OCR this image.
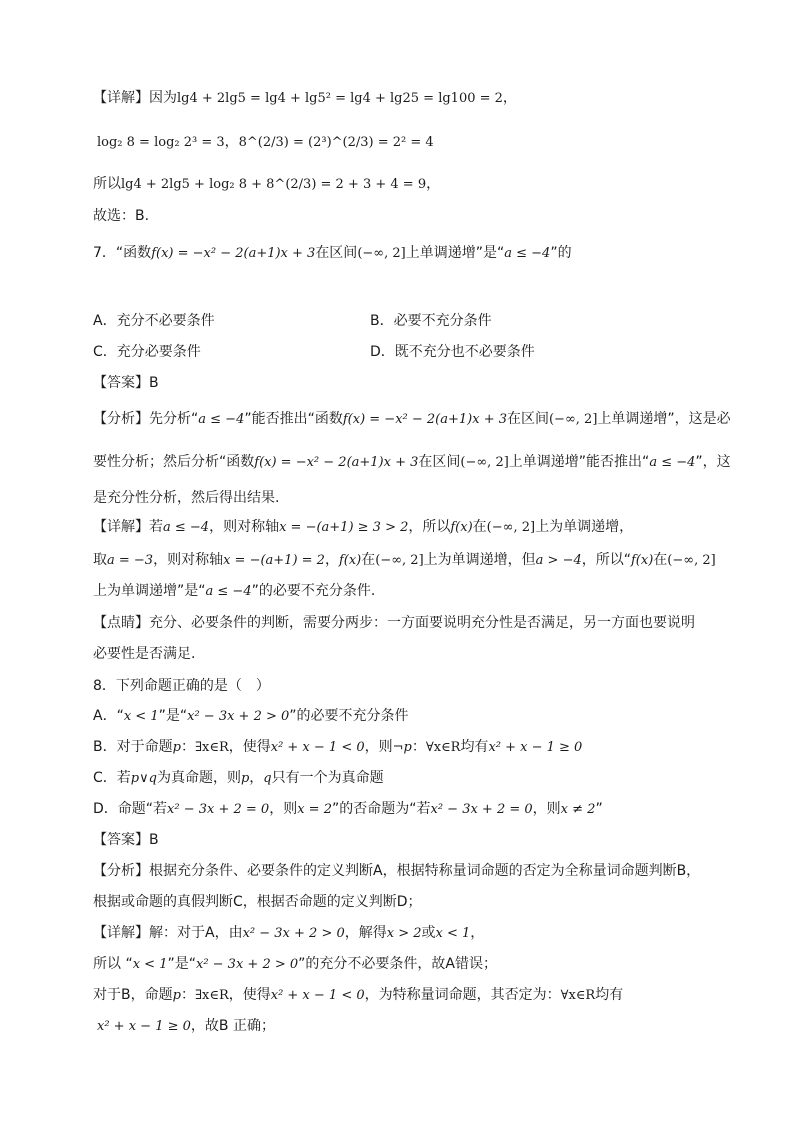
【详解】因为lg4 + 2lg5 = lg4 + lg5² = lg4 + lg25 = lg100 = 2，
log₂ 8 = log₂ 2³ = 3，8^(2/3) = (2³)^(2/3) = 2² = 4
所以lg4 + 2lg5 + log₂ 8 + 8^(2/3) = 2 + 3 + 4 = 9，
故选：B.
7．“函数f(x) = −x² − 2(a+1)x + 3在区间(−∞, 2]上单调递增”是“a ≤ −4”的
A．充分不必要条件	B．必要不充分条件
C．充分必要条件	D．既不充分也不必要条件
【答案】B
【分析】先分析“a ≤ −4”能否推出“函数f(x) = −x² − 2(a+1)x + 3在区间(−∞, 2]上单调递增”，这是必
要性分析；然后分析“函数f(x) = −x² − 2(a+1)x + 3在区间(−∞, 2]上单调递增”能否推出“a ≤ −4”，这
是充分性分析，然后得出结果.
【详解】若a ≤ −4，则对称轴x = −(a+1) ≥ 3 > 2，所以f(x)在(−∞, 2]上为单调递增，
取a = −3，则对称轴x = −(a+1) = 2，f(x)在(−∞, 2]上为单调递增，但a > −4，所以“f(x)在(−∞, 2]
上为单调递增”是“a ≤ −4”的必要不充分条件.
【点睛】充分、必要条件的判断，需要分两步：一方面要说明充分性是否满足，另一方面也要说明
必要性是否满足.
8．下列命题正确的是（　）
A．“x < 1”是“x² − 3x + 2 > 0”的必要不充分条件
B．对于命题p：∃x∈R，使得x² + x − 1 < 0，则¬p：∀x∈R均有x² + x − 1 ≥ 0
C．若p∨q为真命题，则p，q只有一个为真命题
D．命题“若x² − 3x + 2 = 0，则x = 2”的否命题为“若x² − 3x + 2 = 0，则x ≠ 2”
【答案】B
【分析】根据充分条件、必要条件的定义判断A，根据特称量词命题的否定为全称量词命题判断B，
根据或命题的真假判断C，根据否命题的定义判断D；
【详解】解：对于A，由x² − 3x + 2 > 0，解得x > 2或x < 1，
所以 “x < 1”是“x² − 3x + 2 > 0”的充分不必要条件，故A错误；
对于B，命题p：∃x∈R，使得x² + x − 1 < 0，为特称量词命题，其否定为：∀x∈R均有
x² + x − 1 ≥ 0，故B 正确；
